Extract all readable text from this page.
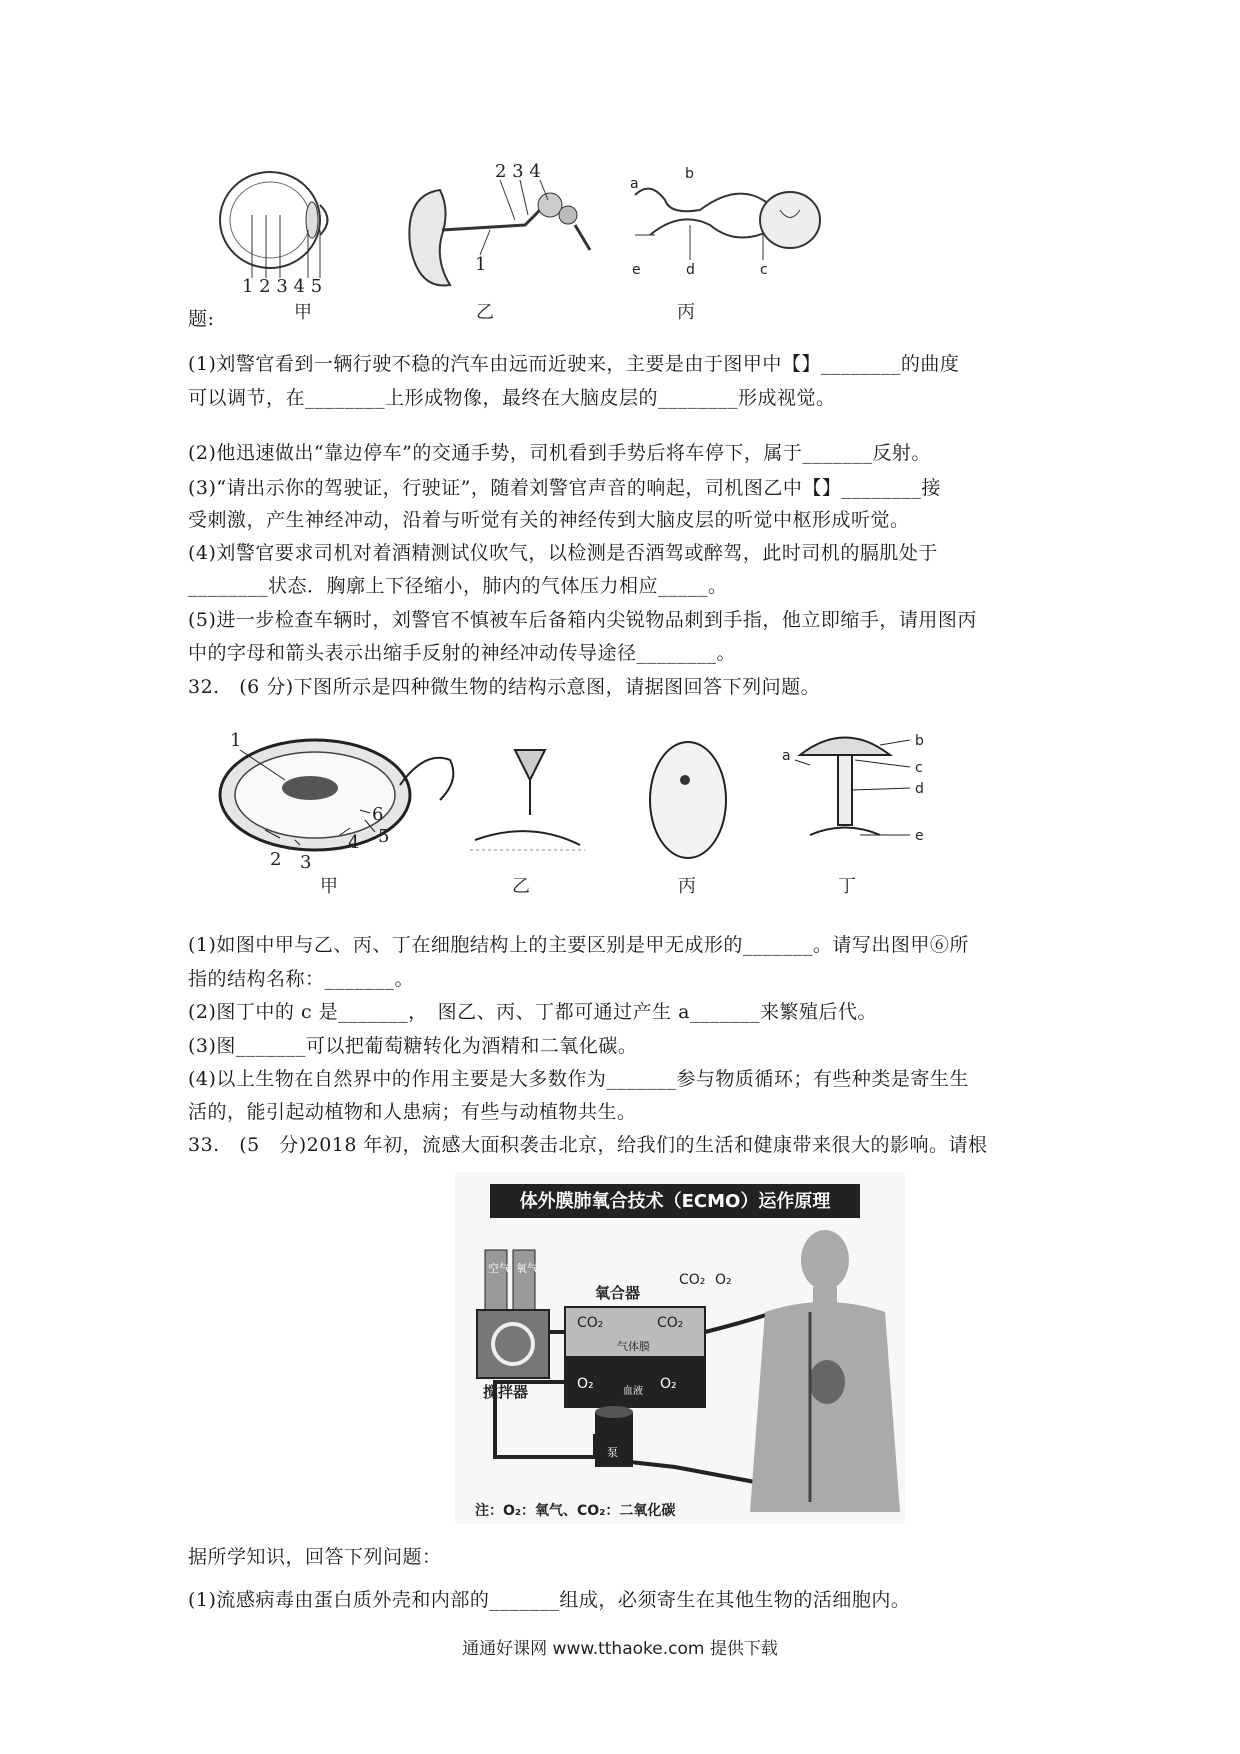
1 2 3 4 5
甲
2 3 4
1
乙
a
b
c
d
e
丙
题:
(1)刘警官看到一辆行驶不稳的汽车由远而近驶来，主要是由于图甲中【】________的曲度
可以调节，在________上形成物像，最终在大脑皮层的________形成视觉。
(2)他迅速做出“靠边停车”的交通手势，司机看到手势后将车停下，属于_______反射。
(3)“请出示你的驾驶证，行驶证”，随着刘警官声音的响起，司机图乙中【】________接
受刺激，产生神经冲动，沿着与听觉有关的神经传到大脑皮层的听觉中枢形成听觉。
(4)刘警官要求司机对着酒精测试仪吹气，以检测是否酒驾或醉驾，此时司机的膈肌处于
________状态．胸廓上下径缩小，肺内的气体压力相应_____。
(5)进一步检查车辆时，刘警官不慎被车后备箱内尖锐物品刺到手指，他立即缩手，请用图丙
中的字母和箭头表示出缩手反射的神经冲动传导途径________。
32.　(6 分)下图所示是四种微生物的结构示意图，请据图回答下列问题。
1
2 3
4 5
6
甲	乙	丙
a
b
c
d
e
丁
(1)如图中甲与乙、丙、丁在细胞结构上的主要区别是甲无成形的_______。请写出图甲⑥所
指的结构名称：_______。
(2)图丁中的 c 是_______，　图乙、丙、丁都可通过产生 a_______来繁殖后代。
(3)图_______可以把葡萄糖转化为酒精和二氧化碳。
(4)以上生物在自然界中的作用主要是大多数作为_______参与物质循环；有些种类是寄生生
活的，能引起动植物和人患病；有些与动植物共生。
33.　(5　分)2018 年初，流感大面积袭击北京，给我们的生活和健康带来很大的影响。请根
体外膜肺氧合技术（ECMO）运作原理
空气 氧气
搅拌器
氧合器
CO₂	CO₂
气体膜
O₂	O₂
血液
CO₂ O₂
泵
注：O₂：氧气、CO₂：二氧化碳
据所学知识，回答下列问题：
(1)流感病毒由蛋白质外壳和内部的_______组成，必须寄生在其他生物的活细胞内。
通通好课网 www.tthaoke.com 提供下载
